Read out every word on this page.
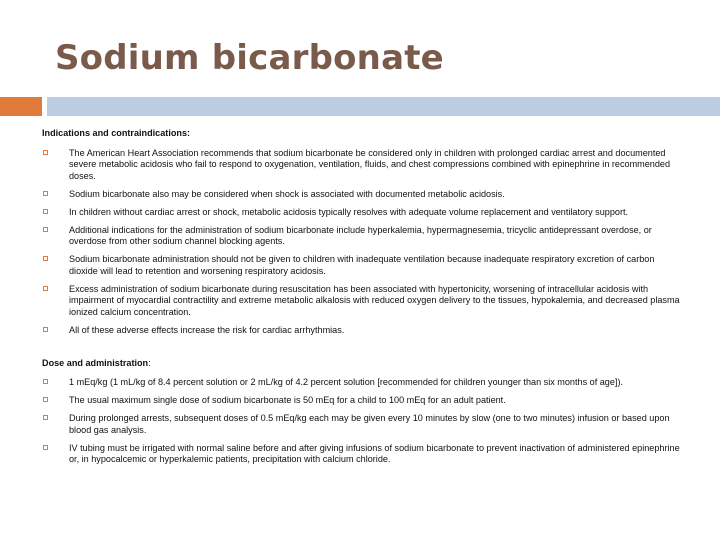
Sodium bicarbonate
Indications and contraindications:
The American Heart Association recommends that sodium bicarbonate be considered only in children with prolonged cardiac arrest and documented severe metabolic acidosis who fail to respond to oxygenation, ventilation, fluids, and chest compressions combined with epinephrine in recommended doses.
Sodium bicarbonate also may be considered when shock is associated with documented metabolic acidosis.
In children without cardiac arrest or shock, metabolic acidosis typically resolves with adequate volume replacement and ventilatory support.
Additional indications for the administration of sodium bicarbonate include hyperkalemia, hypermagnesemia, tricyclic antidepressant overdose, or overdose from other sodium channel blocking agents.
Sodium bicarbonate administration should not be given to children with inadequate ventilation because inadequate respiratory excretion of carbon dioxide will lead to retention and worsening respiratory acidosis.
Excess administration of sodium bicarbonate during resuscitation has been associated with hypertonicity, worsening of intracellular acidosis with impairment of myocardial contractility and extreme metabolic alkalosis with reduced oxygen delivery to the tissues, hypokalemia, and decreased plasma ionized calcium concentration.
All of these adverse effects increase the risk for cardiac arrhythmias.
Dose and administration:
1 mEq/kg (1 mL/kg of 8.4 percent solution or 2 mL/kg of 4.2 percent solution [recommended for children younger than six months of age]).
The usual maximum single dose of sodium bicarbonate is 50 mEq for a child to 100 mEq for an adult patient.
During prolonged arrests, subsequent doses of 0.5 mEq/kg each may be given every 10 minutes by slow (one to two minutes) infusion or based upon blood gas analysis.
IV tubing must be irrigated with normal saline before and after giving infusions of sodium bicarbonate to prevent inactivation of administered epinephrine or, in hypocalcemic or hyperkalemic patients, precipitation with calcium chloride.
